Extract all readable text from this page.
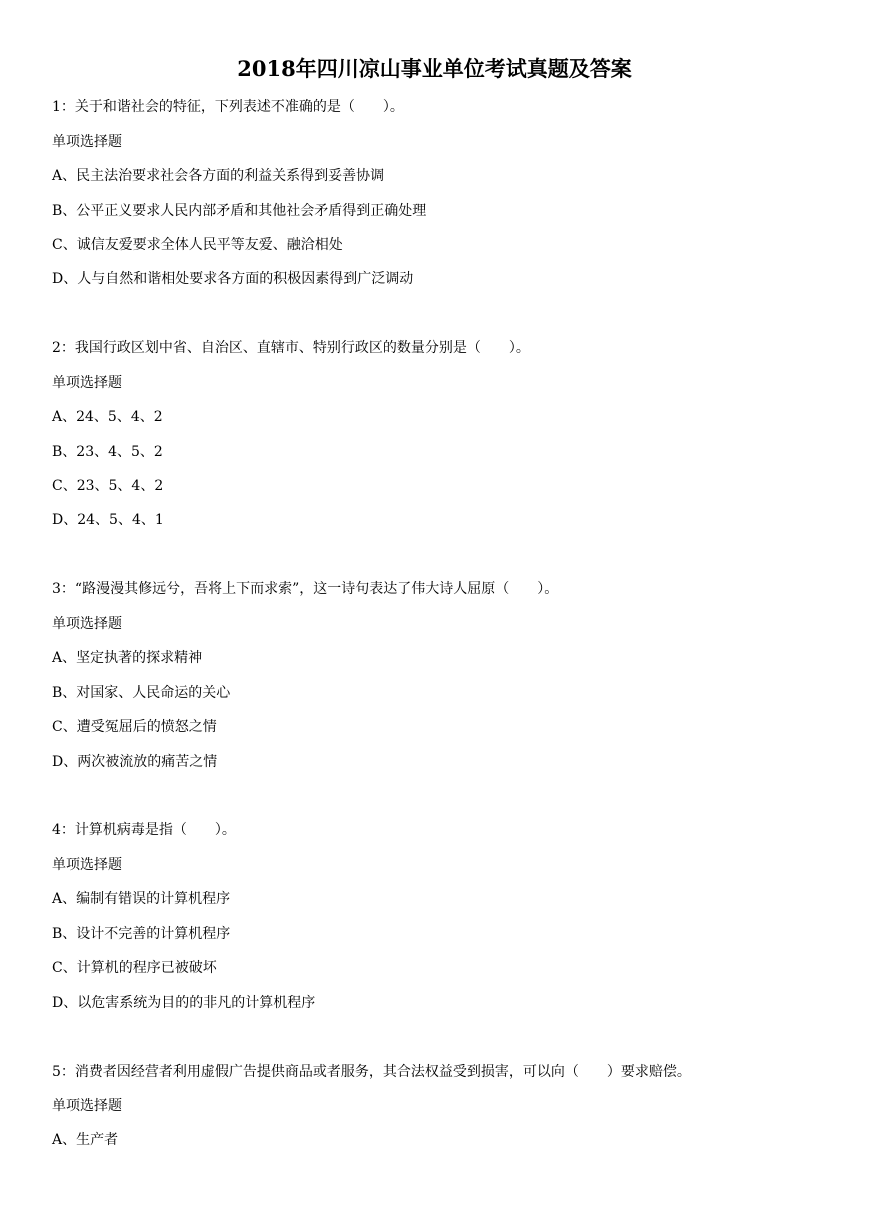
2018年四川凉山事业单位考试真题及答案
1：关于和谐社会的特征，下列表述不准确的是（　　）。
单项选择题
A、民主法治要求社会各方面的利益关系得到妥善协调
B、公平正义要求人民内部矛盾和其他社会矛盾得到正确处理
C、诚信友爱要求全体人民平等友爱、融洽相处
D、人与自然和谐相处要求各方面的积极因素得到广泛调动
2：我国行政区划中省、自治区、直辖市、特别行政区的数量分别是（　　）。
单项选择题
A、24、5、4、2
B、23、4、5、2
C、23、5、4、2
D、24、5、4、1
3：“路漫漫其修远兮，吾将上下而求索”，这一诗句表达了伟大诗人屈原（　　）。
单项选择题
A、坚定执著的探求精神
B、对国家、人民命运的关心
C、遭受冤屈后的愤怒之情
D、两次被流放的痛苦之情
4：计算机病毒是指（　　）。
单项选择题
A、编制有错误的计算机程序
B、设计不完善的计算机程序
C、计算机的程序已被破坏
D、以危害系统为目的的非凡的计算机程序
5：消费者因经营者利用虚假广告提供商品或者服务，其合法权益受到损害，可以向（　　）要求赔偿。
单项选择题
A、生产者
